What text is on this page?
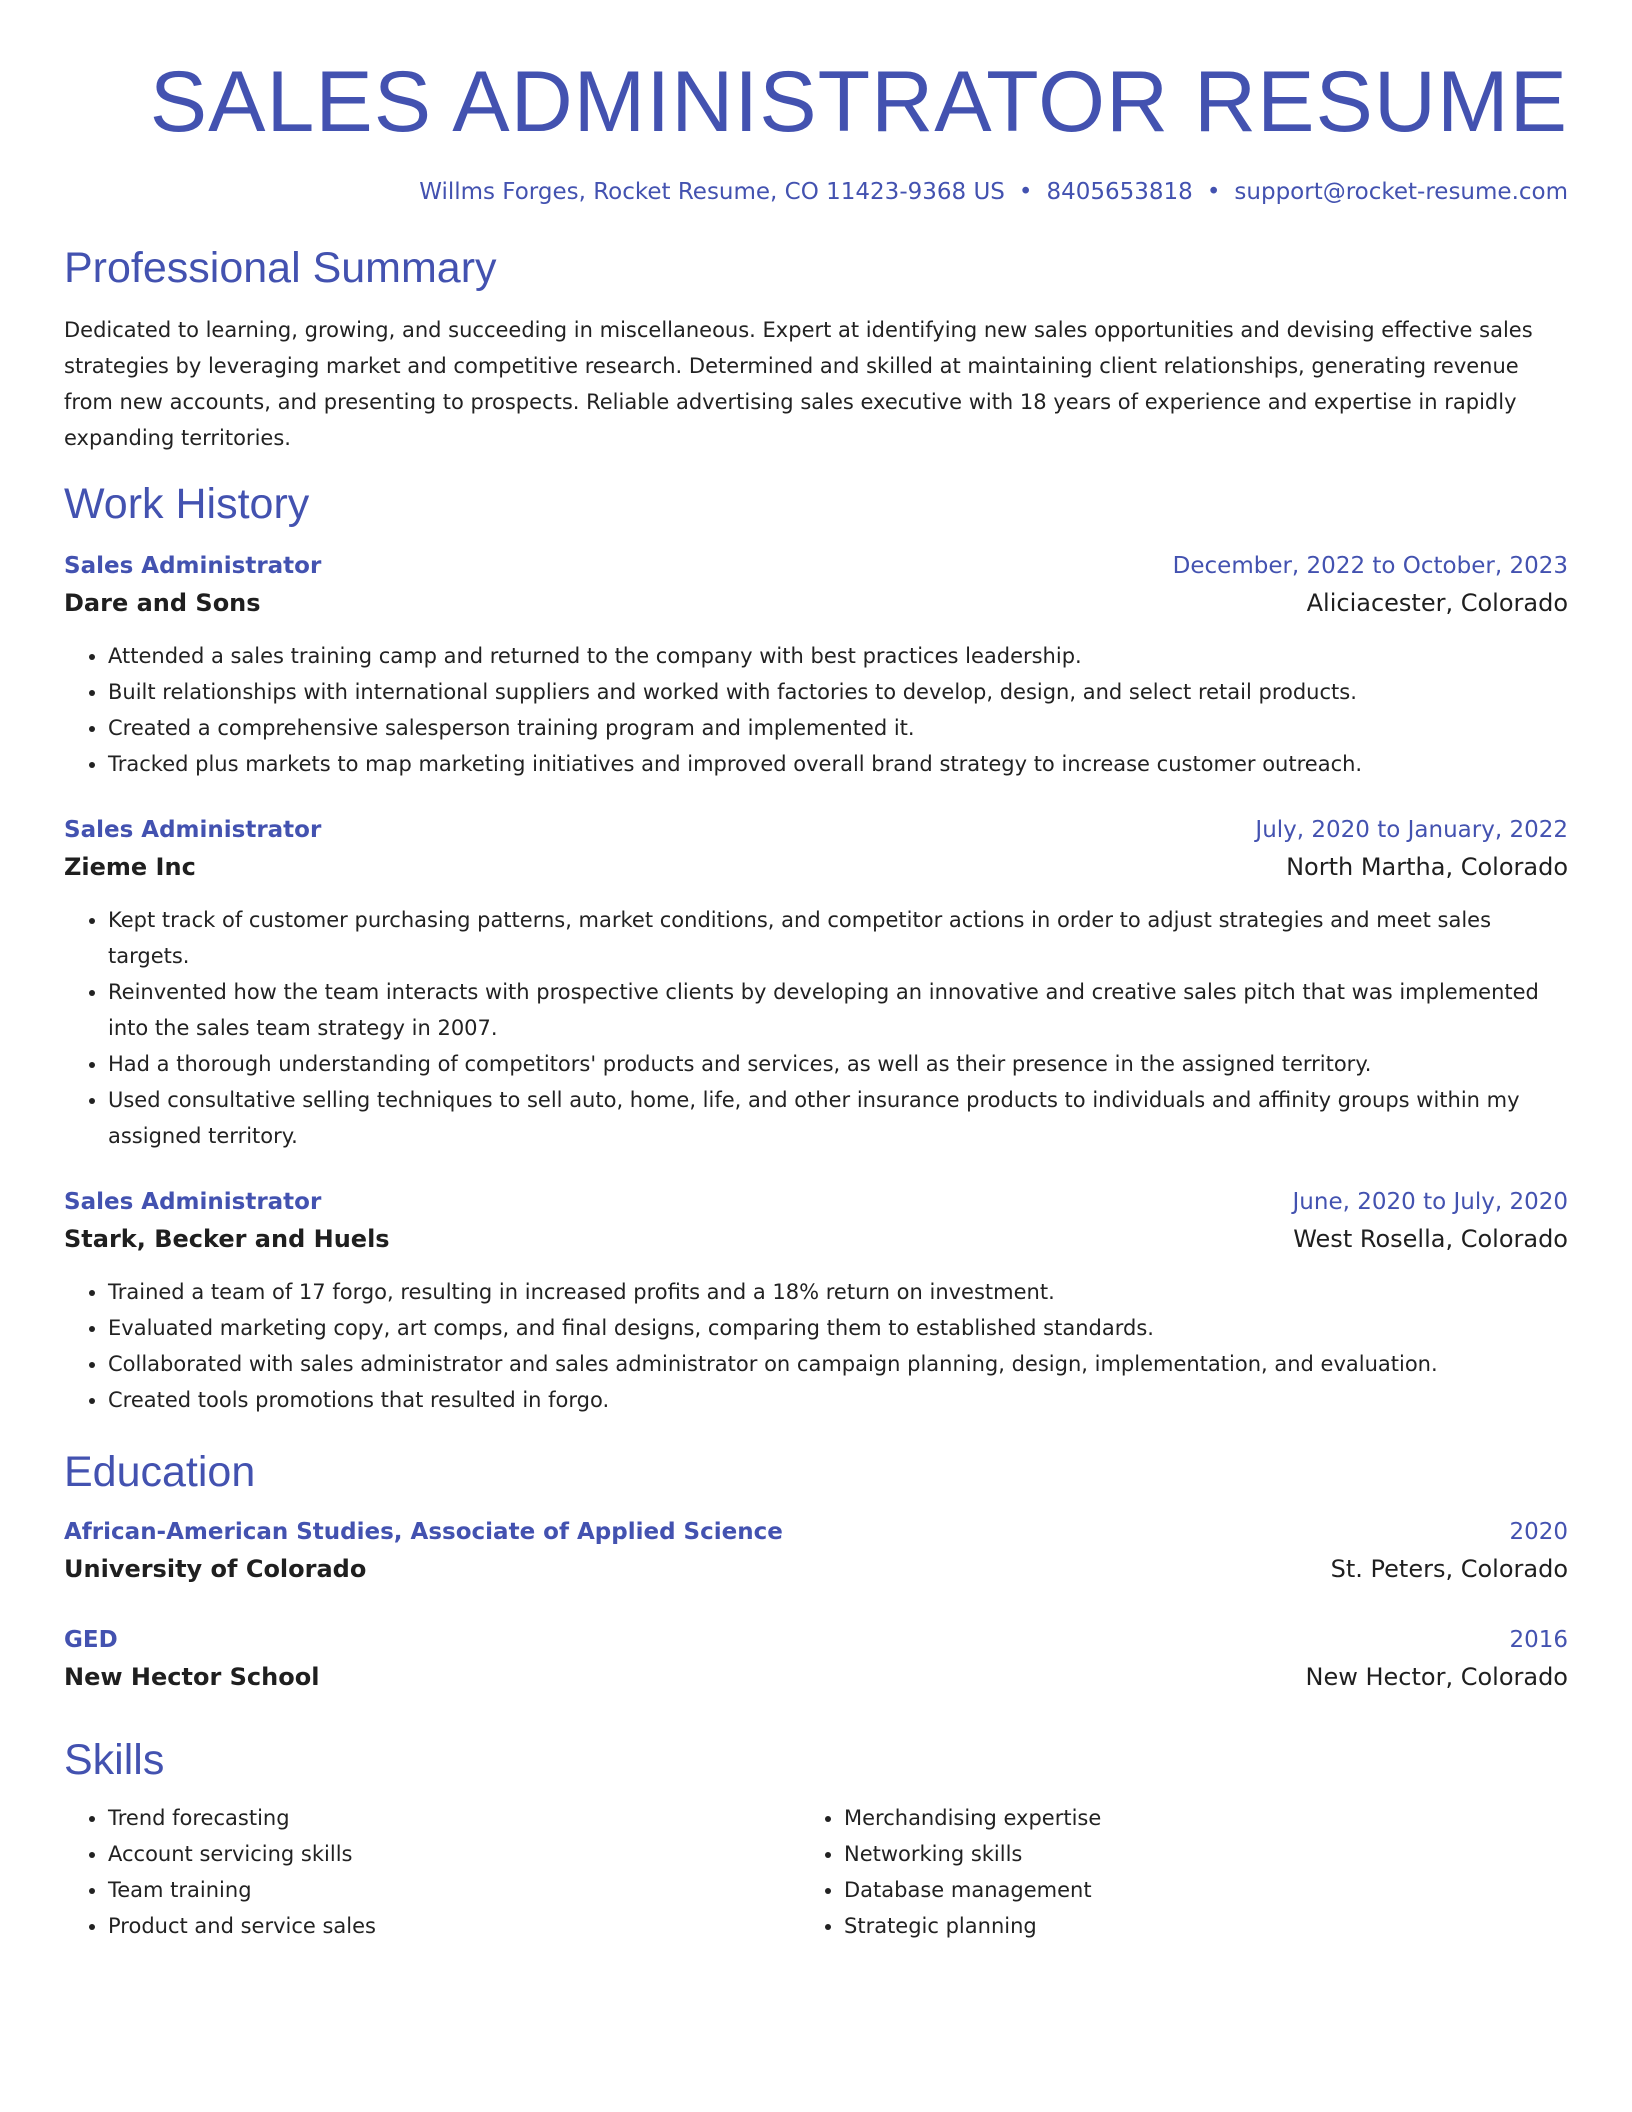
SALES ADMINISTRATOR RESUME
Willms Forges, Rocket Resume, CO 11423-9368 US • 8405653818 • support@rocket-resume.com
Professional Summary
Dedicated to learning, growing, and succeeding in miscellaneous. Expert at identifying new sales opportunities and devising effective sales strategies by leveraging market and competitive research. Determined and skilled at maintaining client relationships, generating revenue from new accounts, and presenting to prospects. Reliable advertising sales executive with 18 years of experience and expertise in rapidly expanding territories.
Work History
Sales Administrator	December, 2022 to October, 2023
Dare and Sons	Aliciacester, Colorado
• Attended a sales training camp and returned to the company with best practices leadership.
• Built relationships with international suppliers and worked with factories to develop, design, and select retail products.
• Created a comprehensive salesperson training program and implemented it.
• Tracked plus markets to map marketing initiatives and improved overall brand strategy to increase customer outreach.
Sales Administrator	July, 2020 to January, 2022
Zieme Inc	North Martha, Colorado
• Kept track of customer purchasing patterns, market conditions, and competitor actions in order to adjust strategies and meet sales targets.
• Reinvented how the team interacts with prospective clients by developing an innovative and creative sales pitch that was implemented into the sales team strategy in 2007.
• Had a thorough understanding of competitors' products and services, as well as their presence in the assigned territory.
• Used consultative selling techniques to sell auto, home, life, and other insurance products to individuals and affinity groups within my assigned territory.
Sales Administrator	June, 2020 to July, 2020
Stark, Becker and Huels	West Rosella, Colorado
• Trained a team of 17 forgo, resulting in increased profits and a 18% return on investment.
• Evaluated marketing copy, art comps, and final designs, comparing them to established standards.
• Collaborated with sales administrator and sales administrator on campaign planning, design, implementation, and evaluation.
• Created tools promotions that resulted in forgo.
Education
African-American Studies, Associate of Applied Science	2020
University of Colorado	St. Peters, Colorado
GED	2016
New Hector School	New Hector, Colorado
Skills
• Trend forecasting
• Account servicing skills
• Team training
• Product and service sales
• Merchandising expertise
• Networking skills
• Database management
• Strategic planning
